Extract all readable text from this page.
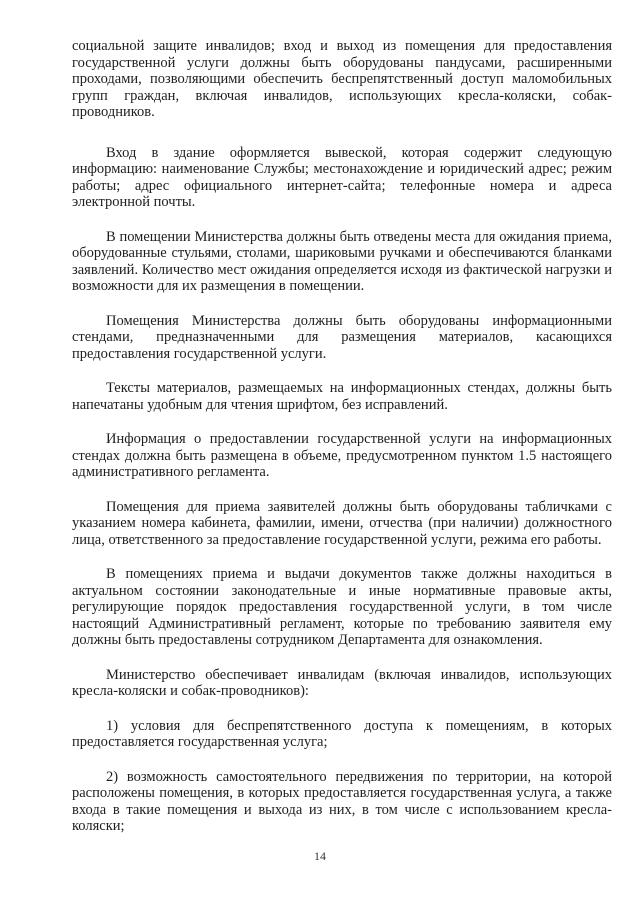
социальной защите инвалидов; вход и выход из помещения для предоставления государственной услуги должны быть оборудованы пандусами, расширенными проходами, позволяющими обеспечить беспрепятственный доступ маломобильных групп граждан, включая инвалидов, использующих кресла-коляски, собак-проводников.

Вход в здание оформляется вывеской, которая содержит следующую информацию: наименование Службы; местонахождение и юридический адрес; режим работы; адрес официального интернет-сайта; телефонные номера и адреса электронной почты.

В помещении Министерства должны быть отведены места для ожидания приема, оборудованные стульями, столами, шариковыми ручками и обеспечиваются бланками заявлений. Количество мест ожидания определяется исходя из фактической нагрузки и возможности для их размещения в помещении.

Помещения Министерства должны быть оборудованы информационными стендами, предназначенными для размещения материалов, касающихся предоставления государственной услуги.

Тексты материалов, размещаемых на информационных стендах, должны быть напечатаны удобным для чтения шрифтом, без исправлений.

Информация о предоставлении государственной услуги на информационных стендах должна быть размещена в объеме, предусмотренном пунктом 1.5 настоящего административного регламента.

Помещения для приема заявителей должны быть оборудованы табличками с указанием номера кабинета, фамилии, имени, отчества (при наличии) должностного лица, ответственного за предоставление государственной услуги, режима его работы.

В помещениях приема и выдачи документов также должны находиться в актуальном состоянии законодательные и иные нормативные правовые акты, регулирующие порядок предоставления государственной услуги, в том числе настоящий Административный регламент, которые по требованию заявителя ему должны быть предоставлены сотрудником Департамента для ознакомления.

Министерство обеспечивает инвалидам (включая инвалидов, использующих кресла-коляски и собак-проводников):

1) условия для беспрепятственного доступа к помещениям, в которых предоставляется государственная услуга;

2) возможность самостоятельного передвижения по территории, на которой расположены помещения, в которых предоставляется государственная услуга, а также входа в такие помещения и выхода из них, в том числе с использованием кресла-коляски;

14
